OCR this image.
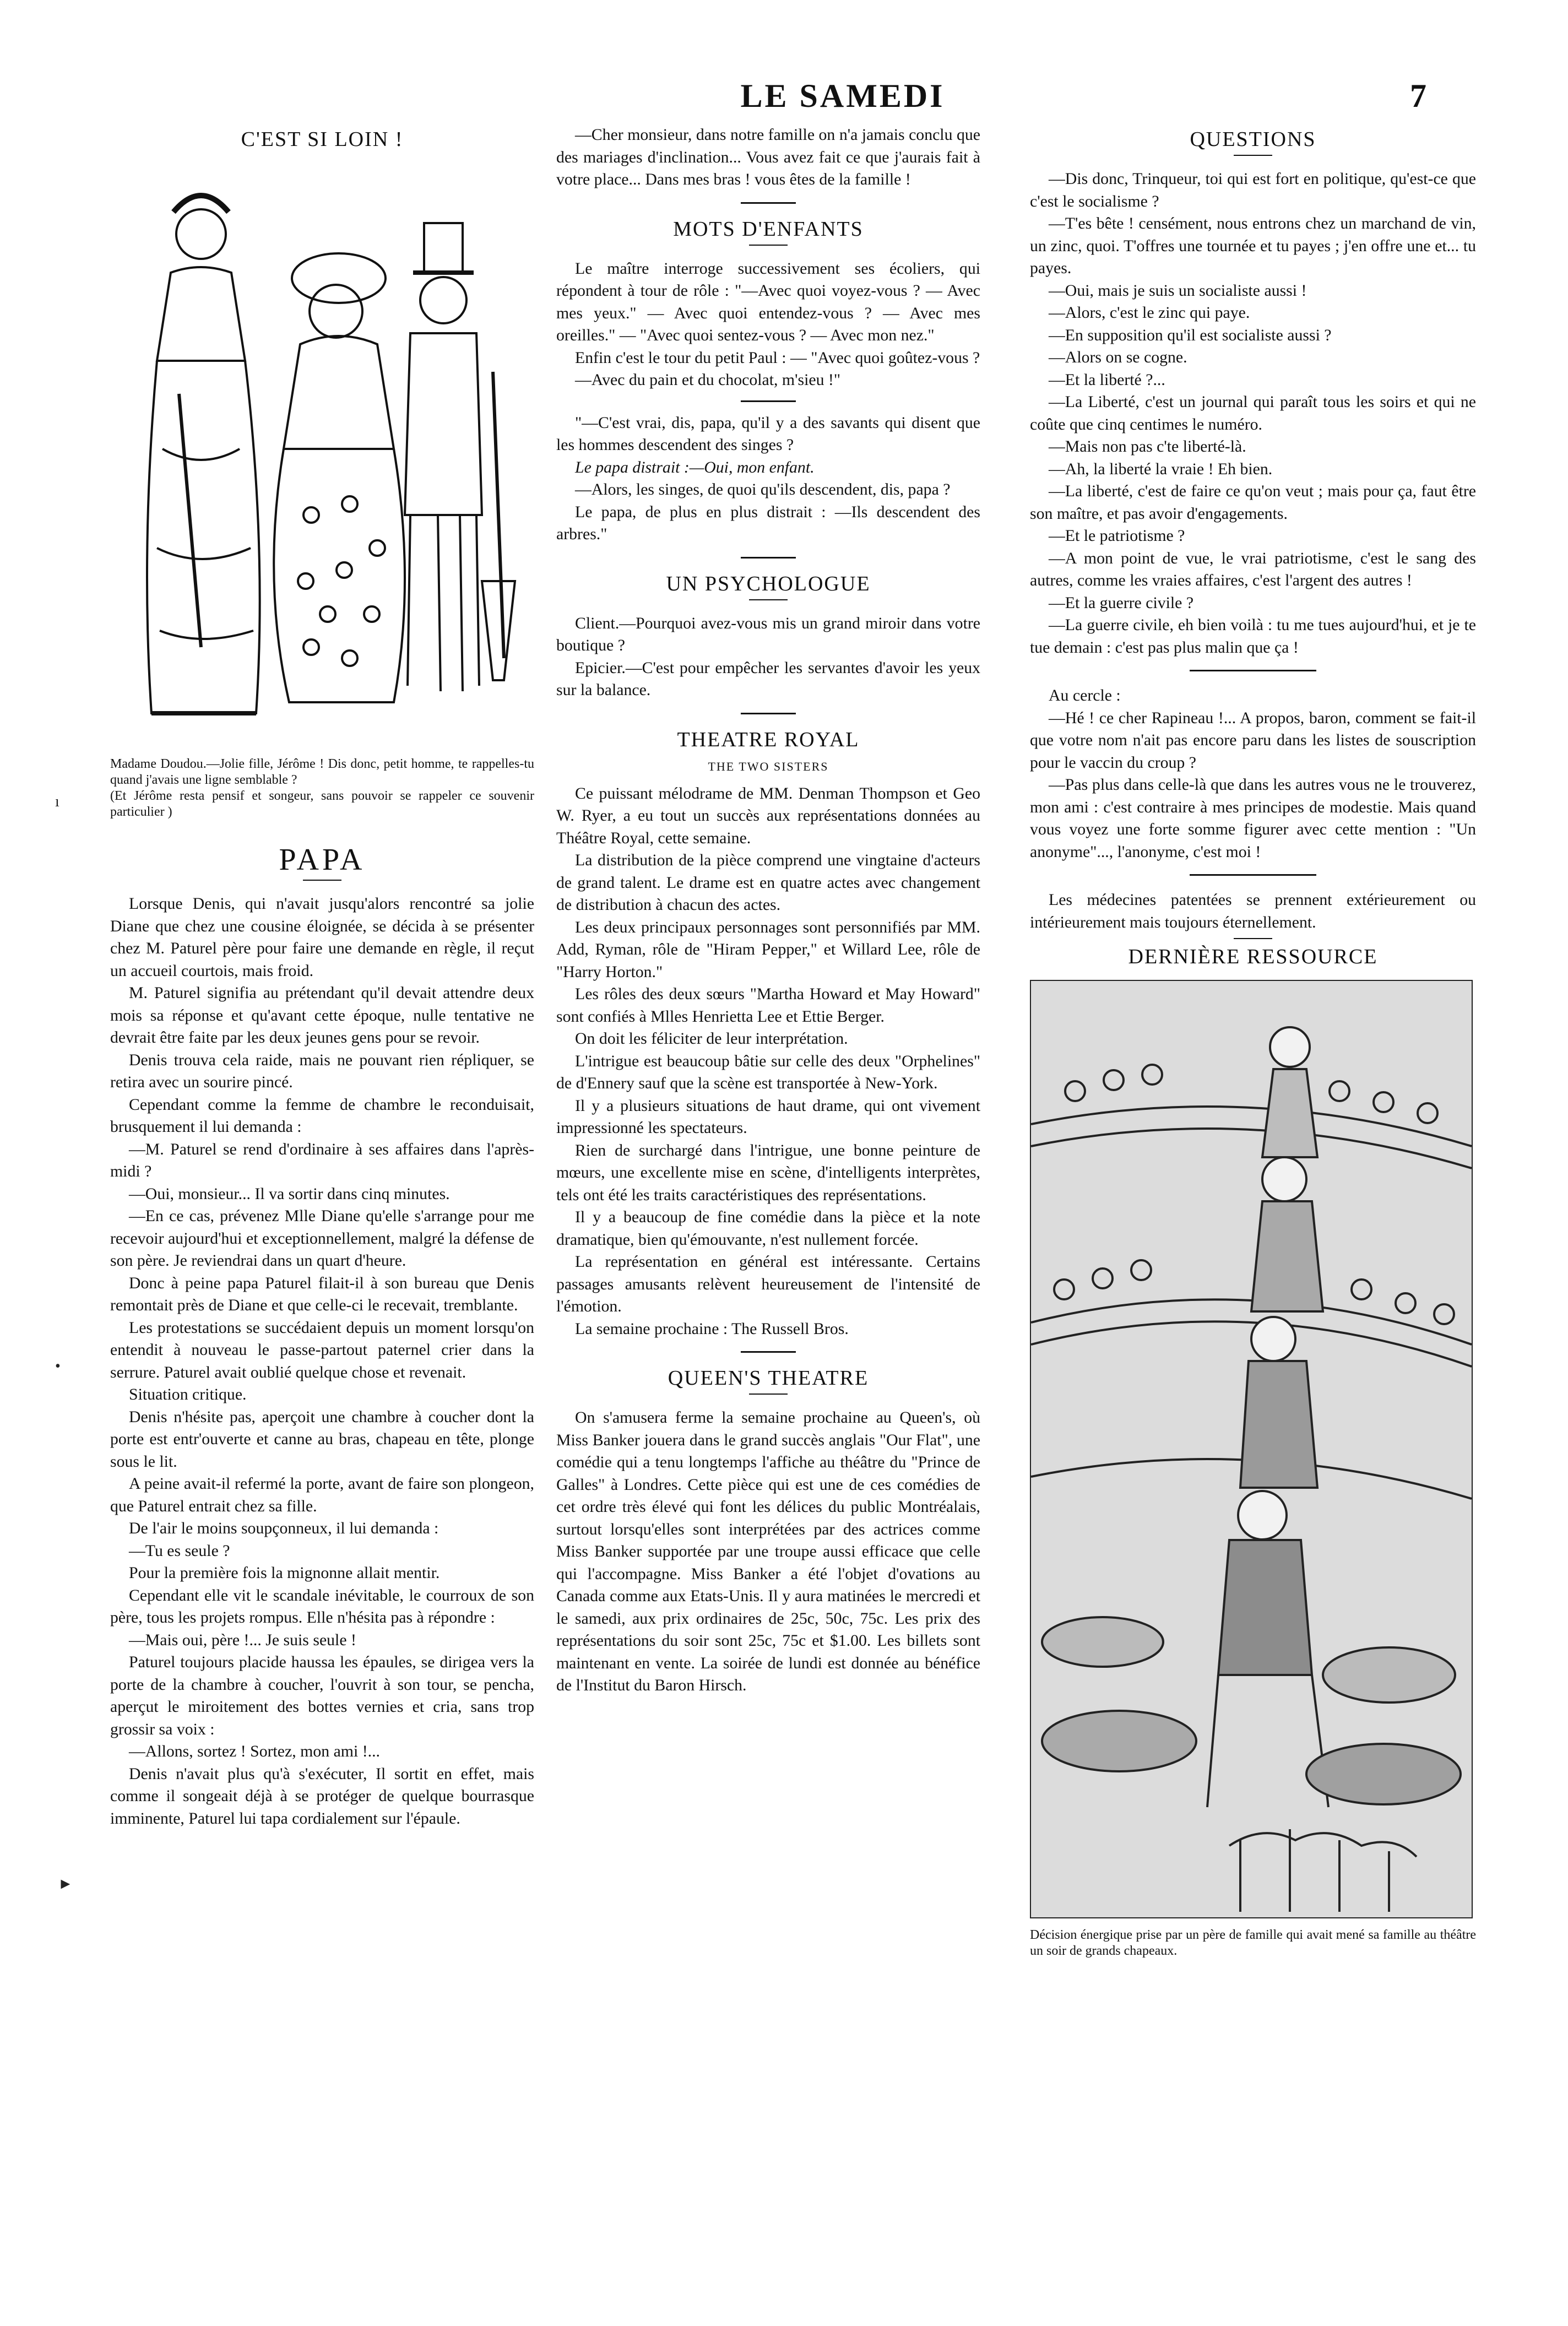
LE SAMEDI	7
ı
•
►
C'EST SI LOIN !

Madame Doudou.—Jolie fille, Jérôme ! Dis donc, petit homme, te rappelles-tu quand j'avais une ligne semblable ?

(Et Jérôme resta pensif et songeur, sans pouvoir se rappeler ce souvenir particulier )

PAPA

Lorsque Denis, qui n'avait jusqu'alors rencontré sa jolie Diane que chez une cousine éloignée, se décida à se présenter chez M. Paturel père pour faire une demande en règle, il reçut un accueil courtois, mais froid.

M. Paturel signifia au prétendant qu'il devait attendre deux mois sa réponse et qu'avant cette époque, nulle tentative ne devrait être faite par les deux jeunes gens pour se revoir.

Denis trouva cela raide, mais ne pouvant rien répliquer, se retira avec un sourire pincé.

Cependant comme la femme de chambre le reconduisait, brusquement il lui demanda :

—M. Paturel se rend d'ordinaire à ses affaires dans l'après-midi ?

—Oui, monsieur... Il va sortir dans cinq minutes.

—En ce cas, prévenez Mlle Diane qu'elle s'arrange pour me recevoir aujourd'hui et exceptionnellement, malgré la défense de son père. Je reviendrai dans un quart d'heure.

Donc à peine papa Paturel filait-il à son bureau que Denis remontait près de Diane et que celle-ci le recevait, tremblante.

Les protestations se succédaient depuis un moment lorsqu'on entendit à nouveau le passe-partout paternel crier dans la serrure. Paturel avait oublié quelque chose et revenait.

Situation critique.

Denis n'hésite pas, aperçoit une chambre à coucher dont la porte est entr'ouverte et canne au bras, chapeau en tête, plonge sous le lit.

A peine avait-il refermé la porte, avant de faire son plongeon, que Paturel entrait chez sa fille.

De l'air le moins soupçonneux, il lui demanda :

—Tu es seule ?

Pour la première fois la mignonne allait mentir.

Cependant elle vit le scandale inévitable, le courroux de son père, tous les projets rompus. Elle n'hésita pas à répondre :

—Mais oui, père !... Je suis seule !

Paturel toujours placide haussa les épaules, se dirigea vers la porte de la chambre à coucher, l'ouvrit à son tour, se pencha, aperçut le miroitement des bottes vernies et cria, sans trop grossir sa voix :

—Allons, sortez ! Sortez, mon ami !...

Denis n'avait plus qu'à s'exécuter, Il sortit en effet, mais comme il songeait déjà à se protéger de quelque bourrasque imminente, Paturel lui tapa cordialement sur l'épaule.

—Cher monsieur, dans notre famille on n'a jamais conclu que des mariages d'inclination... Vous avez fait ce que j'aurais fait à votre place... Dans mes bras ! vous êtes de la famille !

MOTS D'ENFANTS

Le maître interroge successivement ses écoliers, qui répondent à tour de rôle : "—Avec quoi voyez-vous ? — Avec mes yeux." — Avec quoi entendez-vous ? — Avec mes oreilles." — "Avec quoi sentez-vous ? — Avec mon nez."

Enfin c'est le tour du petit Paul : — "Avec quoi goûtez-vous ?

—Avec du pain et du chocolat, m'sieu !"

"—C'est vrai, dis, papa, qu'il y a des savants qui disent que les hommes descendent des singes ?

Le papa distrait :—Oui, mon enfant.

—Alors, les singes, de quoi qu'ils descendent, dis, papa ?

Le papa, de plus en plus distrait : —Ils descendent des arbres."

UN PSYCHOLOGUE

Client.—Pourquoi avez-vous mis un grand miroir dans votre boutique ?

Epicier.—C'est pour empêcher les servantes d'avoir les yeux sur la balance.

THEATRE ROYAL
THE TWO SISTERS

Ce puissant mélodrame de MM. Denman Thompson et Geo W. Ryer, a eu tout un succès aux représentations données au Théâtre Royal, cette semaine.

La distribution de la pièce comprend une vingtaine d'acteurs de grand talent. Le drame est en quatre actes avec changement de distribution à chacun des actes.

Les deux principaux personnages sont personnifiés par MM. Add, Ryman, rôle de "Hiram Pepper," et Willard Lee, rôle de "Harry Horton."

Les rôles des deux sœurs "Martha Howard et May Howard" sont confiés à Mlles Henrietta Lee et Ettie Berger.

On doit les féliciter de leur interprétation.

L'intrigue est beaucoup bâtie sur celle des deux "Orphelines" de d'Ennery sauf que la scène est transportée à New-York.

Il y a plusieurs situations de haut drame, qui ont vivement impressionné les spectateurs.

Rien de surchargé dans l'intrigue, une bonne peinture de mœurs, une excellente mise en scène, d'intelligents interprètes, tels ont été les traits caractéristiques des représentations.

Il y a beaucoup de fine comédie dans la pièce et la note dramatique, bien qu'émouvante, n'est nullement forcée.

La représentation en général est intéressante. Certains passages amusants relèvent heureusement de l'intensité de l'émotion.

La semaine prochaine : The Russell Bros.

QUEEN'S THEATRE

On s'amusera ferme la semaine prochaine au Queen's, où Miss Banker jouera dans le grand succès anglais "Our Flat", une comédie qui a tenu longtemps l'affiche au théâtre du "Prince de Galles" à Londres. Cette pièce qui est une de ces comédies de cet ordre très élevé qui font les délices du public Montréalais, surtout lorsqu'elles sont interprétées par des actrices comme Miss Banker supportée par une troupe aussi efficace que celle qui l'accompagne. Miss Banker a été l'objet d'ovations au Canada comme aux Etats-Unis. Il y aura matinées le mercredi et le samedi, aux prix ordinaires de 25c, 50c, 75c. Les prix des représentations du soir sont 25c, 75c et $1.00. Les billets sont maintenant en vente. La soirée de lundi est donnée au bénéfice de l'Institut du Baron Hirsch.

QUESTIONS

—Dis donc, Trinqueur, toi qui est fort en politique, qu'est-ce que c'est le socialisme ?

—T'es bête ! censément, nous entrons chez un marchand de vin, un zinc, quoi. T'offres une tournée et tu payes ; j'en offre une et... tu payes.

—Oui, mais je suis un socialiste aussi !

—Alors, c'est le zinc qui paye.

—En supposition qu'il est socialiste aussi ?

—Alors on se cogne.

—Et la liberté ?...

—La Liberté, c'est un journal qui paraît tous les soirs et qui ne coûte que cinq centimes le numéro.

—Mais non pas c'te liberté-là.

—Ah, la liberté la vraie ! Eh bien.

—La liberté, c'est de faire ce qu'on veut ; mais pour ça, faut être son maître, et pas avoir d'engagements.

—Et le patriotisme ?

—A mon point de vue, le vrai patriotisme, c'est le sang des autres, comme les vraies affaires, c'est l'argent des autres !

—Et la guerre civile ?

—La guerre civile, eh bien voilà : tu me tues aujourd'hui, et je te tue demain : c'est pas plus malin que ça !

Au cercle :

—Hé ! ce cher Rapineau !... A propos, baron, comment se fait-il que votre nom n'ait pas encore paru dans les listes de souscription pour le vaccin du croup ?

—Pas plus dans celle-là que dans les autres vous ne le trouverez, mon ami : c'est contraire à mes principes de modestie. Mais quand vous voyez une forte somme figurer avec cette mention : "Un anonyme"..., l'anonyme, c'est moi !

Les médecines patentées se prennent extérieurement ou intérieurement mais toujours éternellement.

DERNIÈRE RESSOURCE
Décision énergique prise par un père de famille qui avait mené sa famille au théâtre un soir de grands chapeaux.
